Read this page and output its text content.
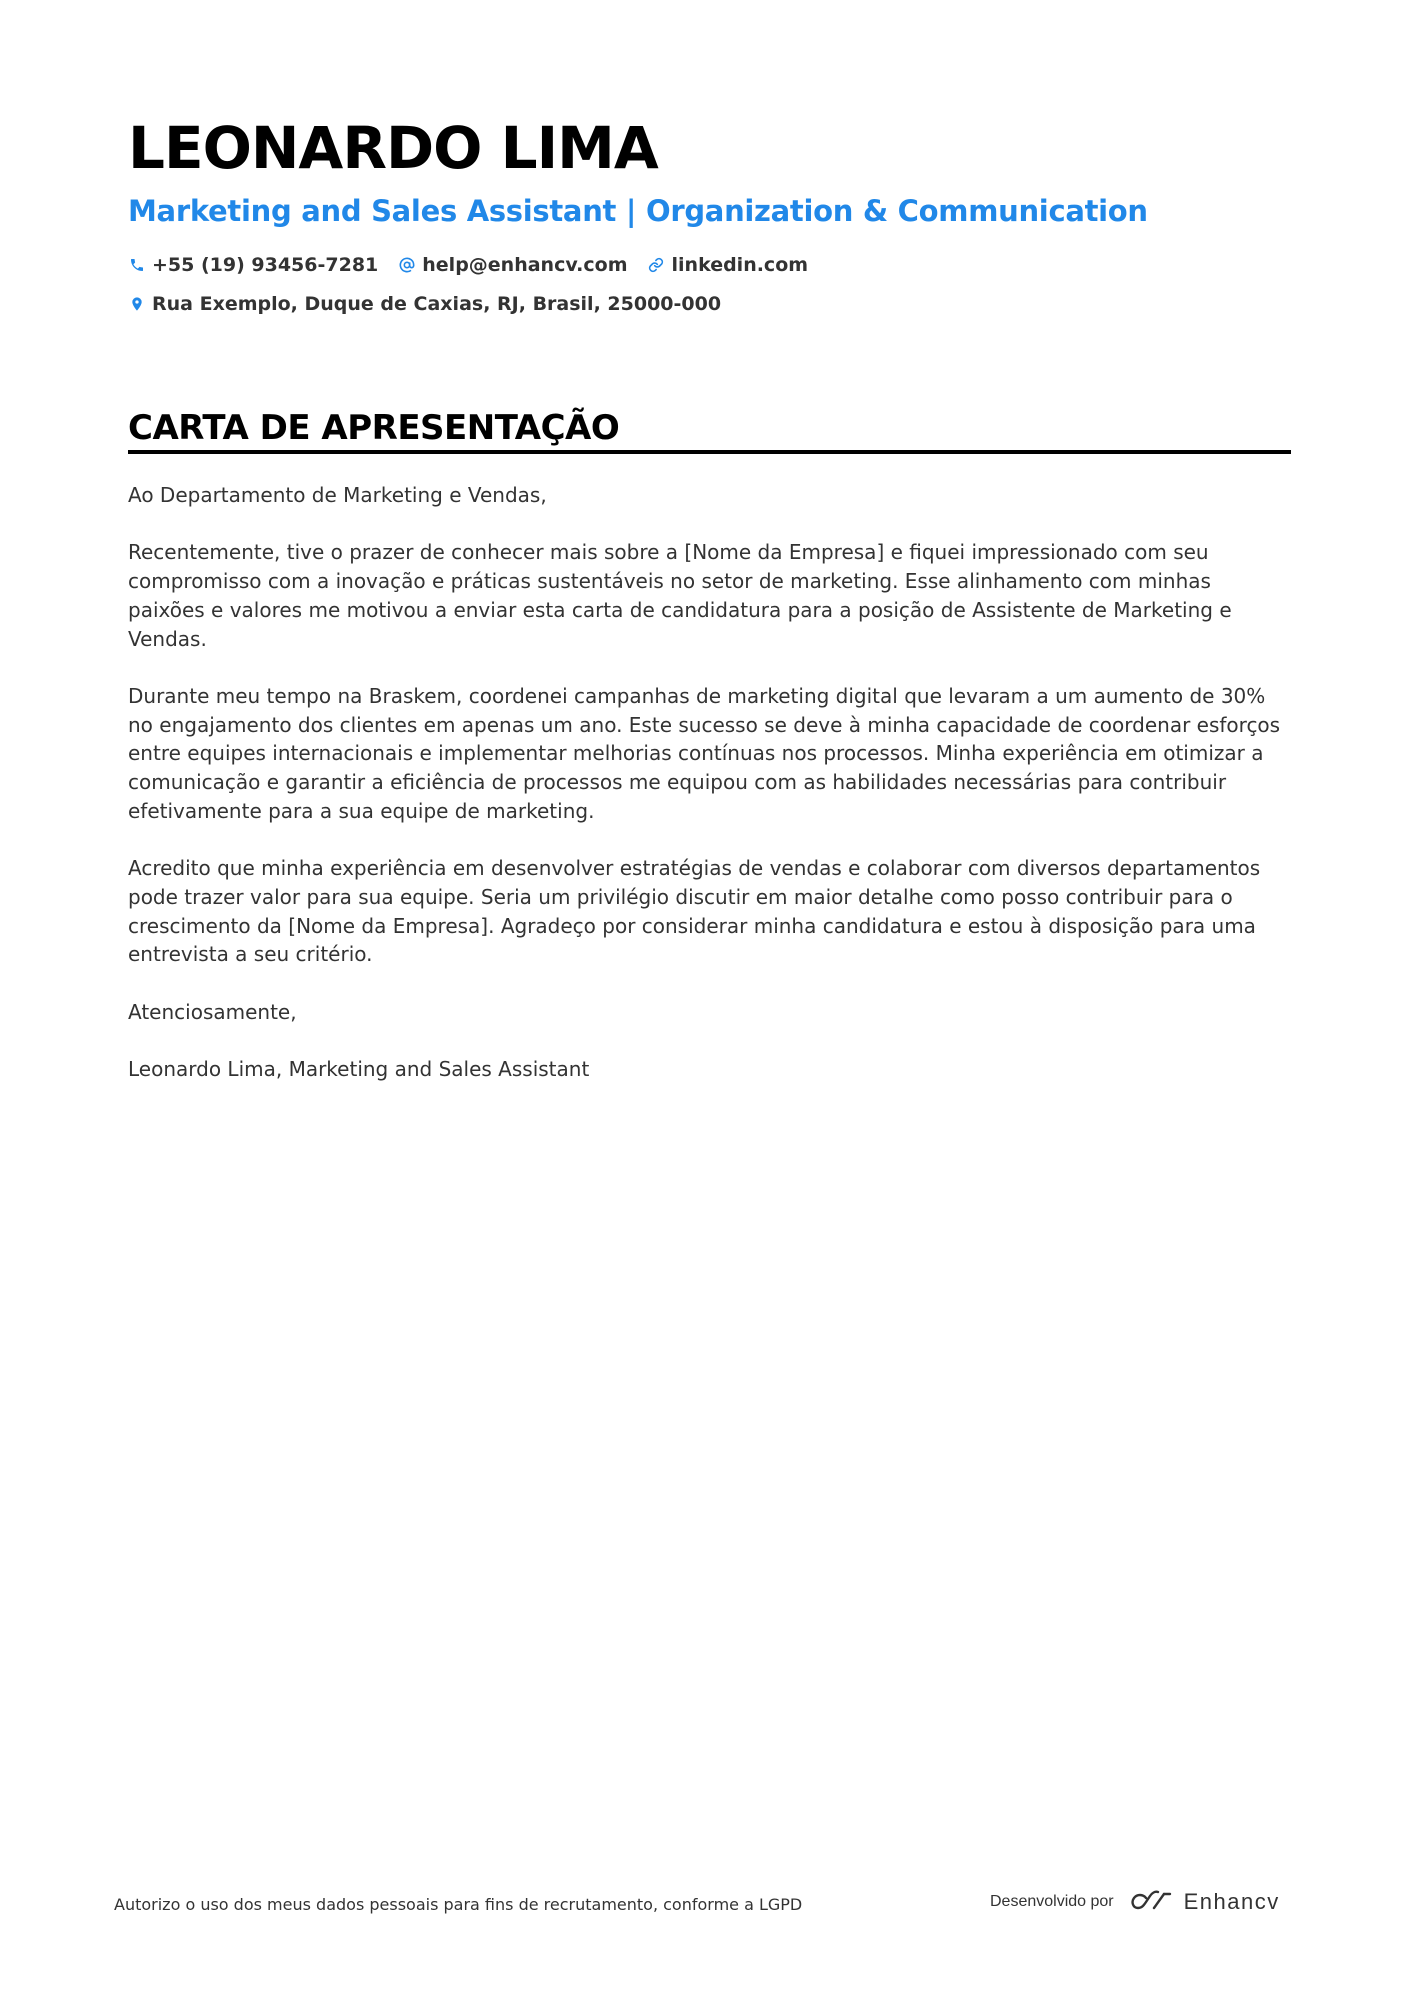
LEONARDO LIMA
Marketing and Sales Assistant | Organization & Communication
+55 (19) 93456-7281 help@enhancv.com linkedin.com
Rua Exemplo, Duque de Caxias, RJ, Brasil, 25000-000
CARTA DE APRESENTAÇÃO

Ao Departamento de Marketing e Vendas,

Recentemente, tive o prazer de conhecer mais sobre a [Nome da Empresa] e fiquei impressionado com seu compromisso com a inovação e práticas sustentáveis no setor de marketing. Esse alinhamento com minhas paixões e valores me motivou a enviar esta carta de candidatura para a posição de Assistente de Marketing e Vendas.

Durante meu tempo na Braskem, coordenei campanhas de marketing digital que levaram a um aumento de 30% no engajamento dos clientes em apenas um ano. Este sucesso se deve à minha capacidade de coordenar esforços entre equipes internacionais e implementar melhorias contínuas nos processos. Minha experiência em otimizar a comunicação e garantir a eficiência de processos me equipou com as habilidades necessárias para contribuir efetivamente para a sua equipe de marketing.

Acredito que minha experiência em desenvolver estratégias de vendas e colaborar com diversos departamentos pode trazer valor para sua equipe. Seria um privilégio discutir em maior detalhe como posso contribuir para o crescimento da [Nome da Empresa]. Agradeço por considerar minha candidatura e estou à disposição para uma entrevista a seu critério.

Atenciosamente,

Leonardo Lima, Marketing and Sales Assistant

Autorizo o uso dos meus dados pessoais para fins de recrutamento, conforme a LGPD	Desenvolvido por	Enhancv
